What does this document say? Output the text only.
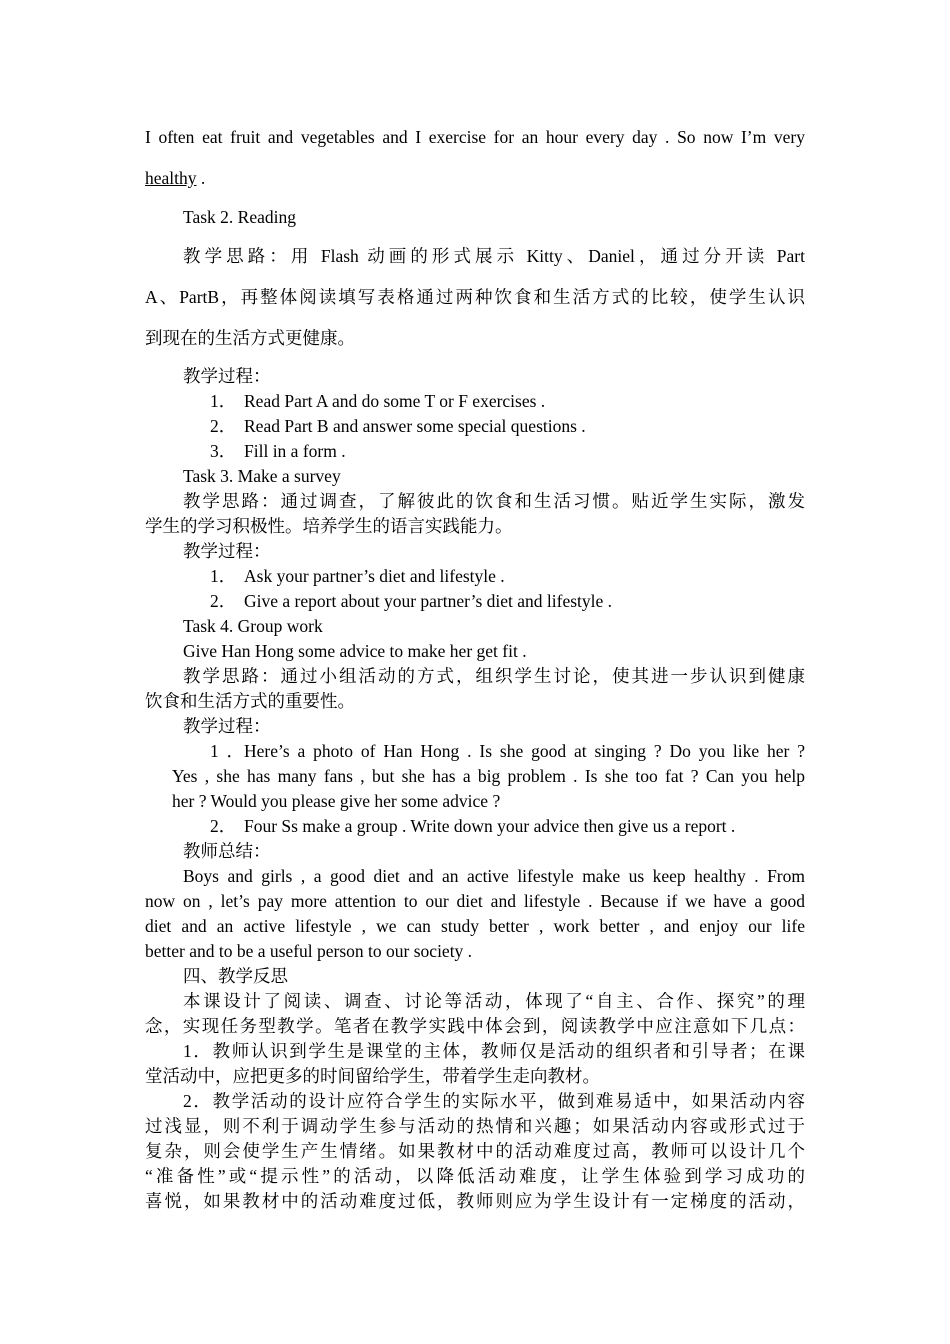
I often eat fruit and vegetables and I exercise for an hour every day . So now I’m very
healthy .
Task 2. Reading
教学思路：用 Flash 动画的形式展示 Kitty、Daniel，通过分开读 Part
A、PartB，再整体阅读填写表格通过两种饮食和生活方式的比较，使学生认识
到现在的生活方式更健康。
教学过程：
1． Read Part A and do some T or F exercises .
2． Read Part B and answer some special questions .
3． Fill in a form .
Task 3. Make a survey
教学思路：通过调查，了解彼此的饮食和生活习惯。贴近学生实际，激发
学生的学习积极性。培养学生的语言实践能力。
教学过程：
1． Ask your partner’s diet and lifestyle .
2． Give a report about your partner’s diet and lifestyle .
Task 4. Group work
Give Han Hong some advice to make her get fit .
教学思路：通过小组活动的方式，组织学生讨论，使其进一步认识到健康
饮食和生活方式的重要性。
教学过程：
1．Here’s a photo of Han Hong . Is she good at singing ? Do you like her ?
Yes , she has many fans , but she has a big problem . Is she too fat ? Can you help
her ? Would you please give her some advice ?
2． Four Ss make a group . Write down your advice then give us a report .
教师总结：
Boys and girls , a good diet and an active lifestyle make us keep healthy . From
now on , let’s pay more attention to our diet and lifestyle . Because if we have a good
diet and an active lifestyle , we can study better , work better , and enjoy our life
better and to be a useful person to our society .
四、教学反思
本课设计了阅读、调查、讨论等活动，体现了“自主、合作、探究”的理
念，实现任务型教学。笔者在教学实践中体会到，阅读教学中应注意如下几点：
1．教师认识到学生是课堂的主体，教师仅是活动的组织者和引导者；在课
堂活动中，应把更多的时间留给学生，带着学生走向教材。
2．教学活动的设计应符合学生的实际水平，做到难易适中，如果活动内容
过浅显，则不利于调动学生参与活动的热情和兴趣；如果活动内容或形式过于
复杂，则会使学生产生情绪。如果教材中的活动难度过高，教师可以设计几个
“准备性”或“提示性”的活动，以降低活动难度，让学生体验到学习成功的
喜悦，如果教材中的活动难度过低，教师则应为学生设计有一定梯度的活动，
